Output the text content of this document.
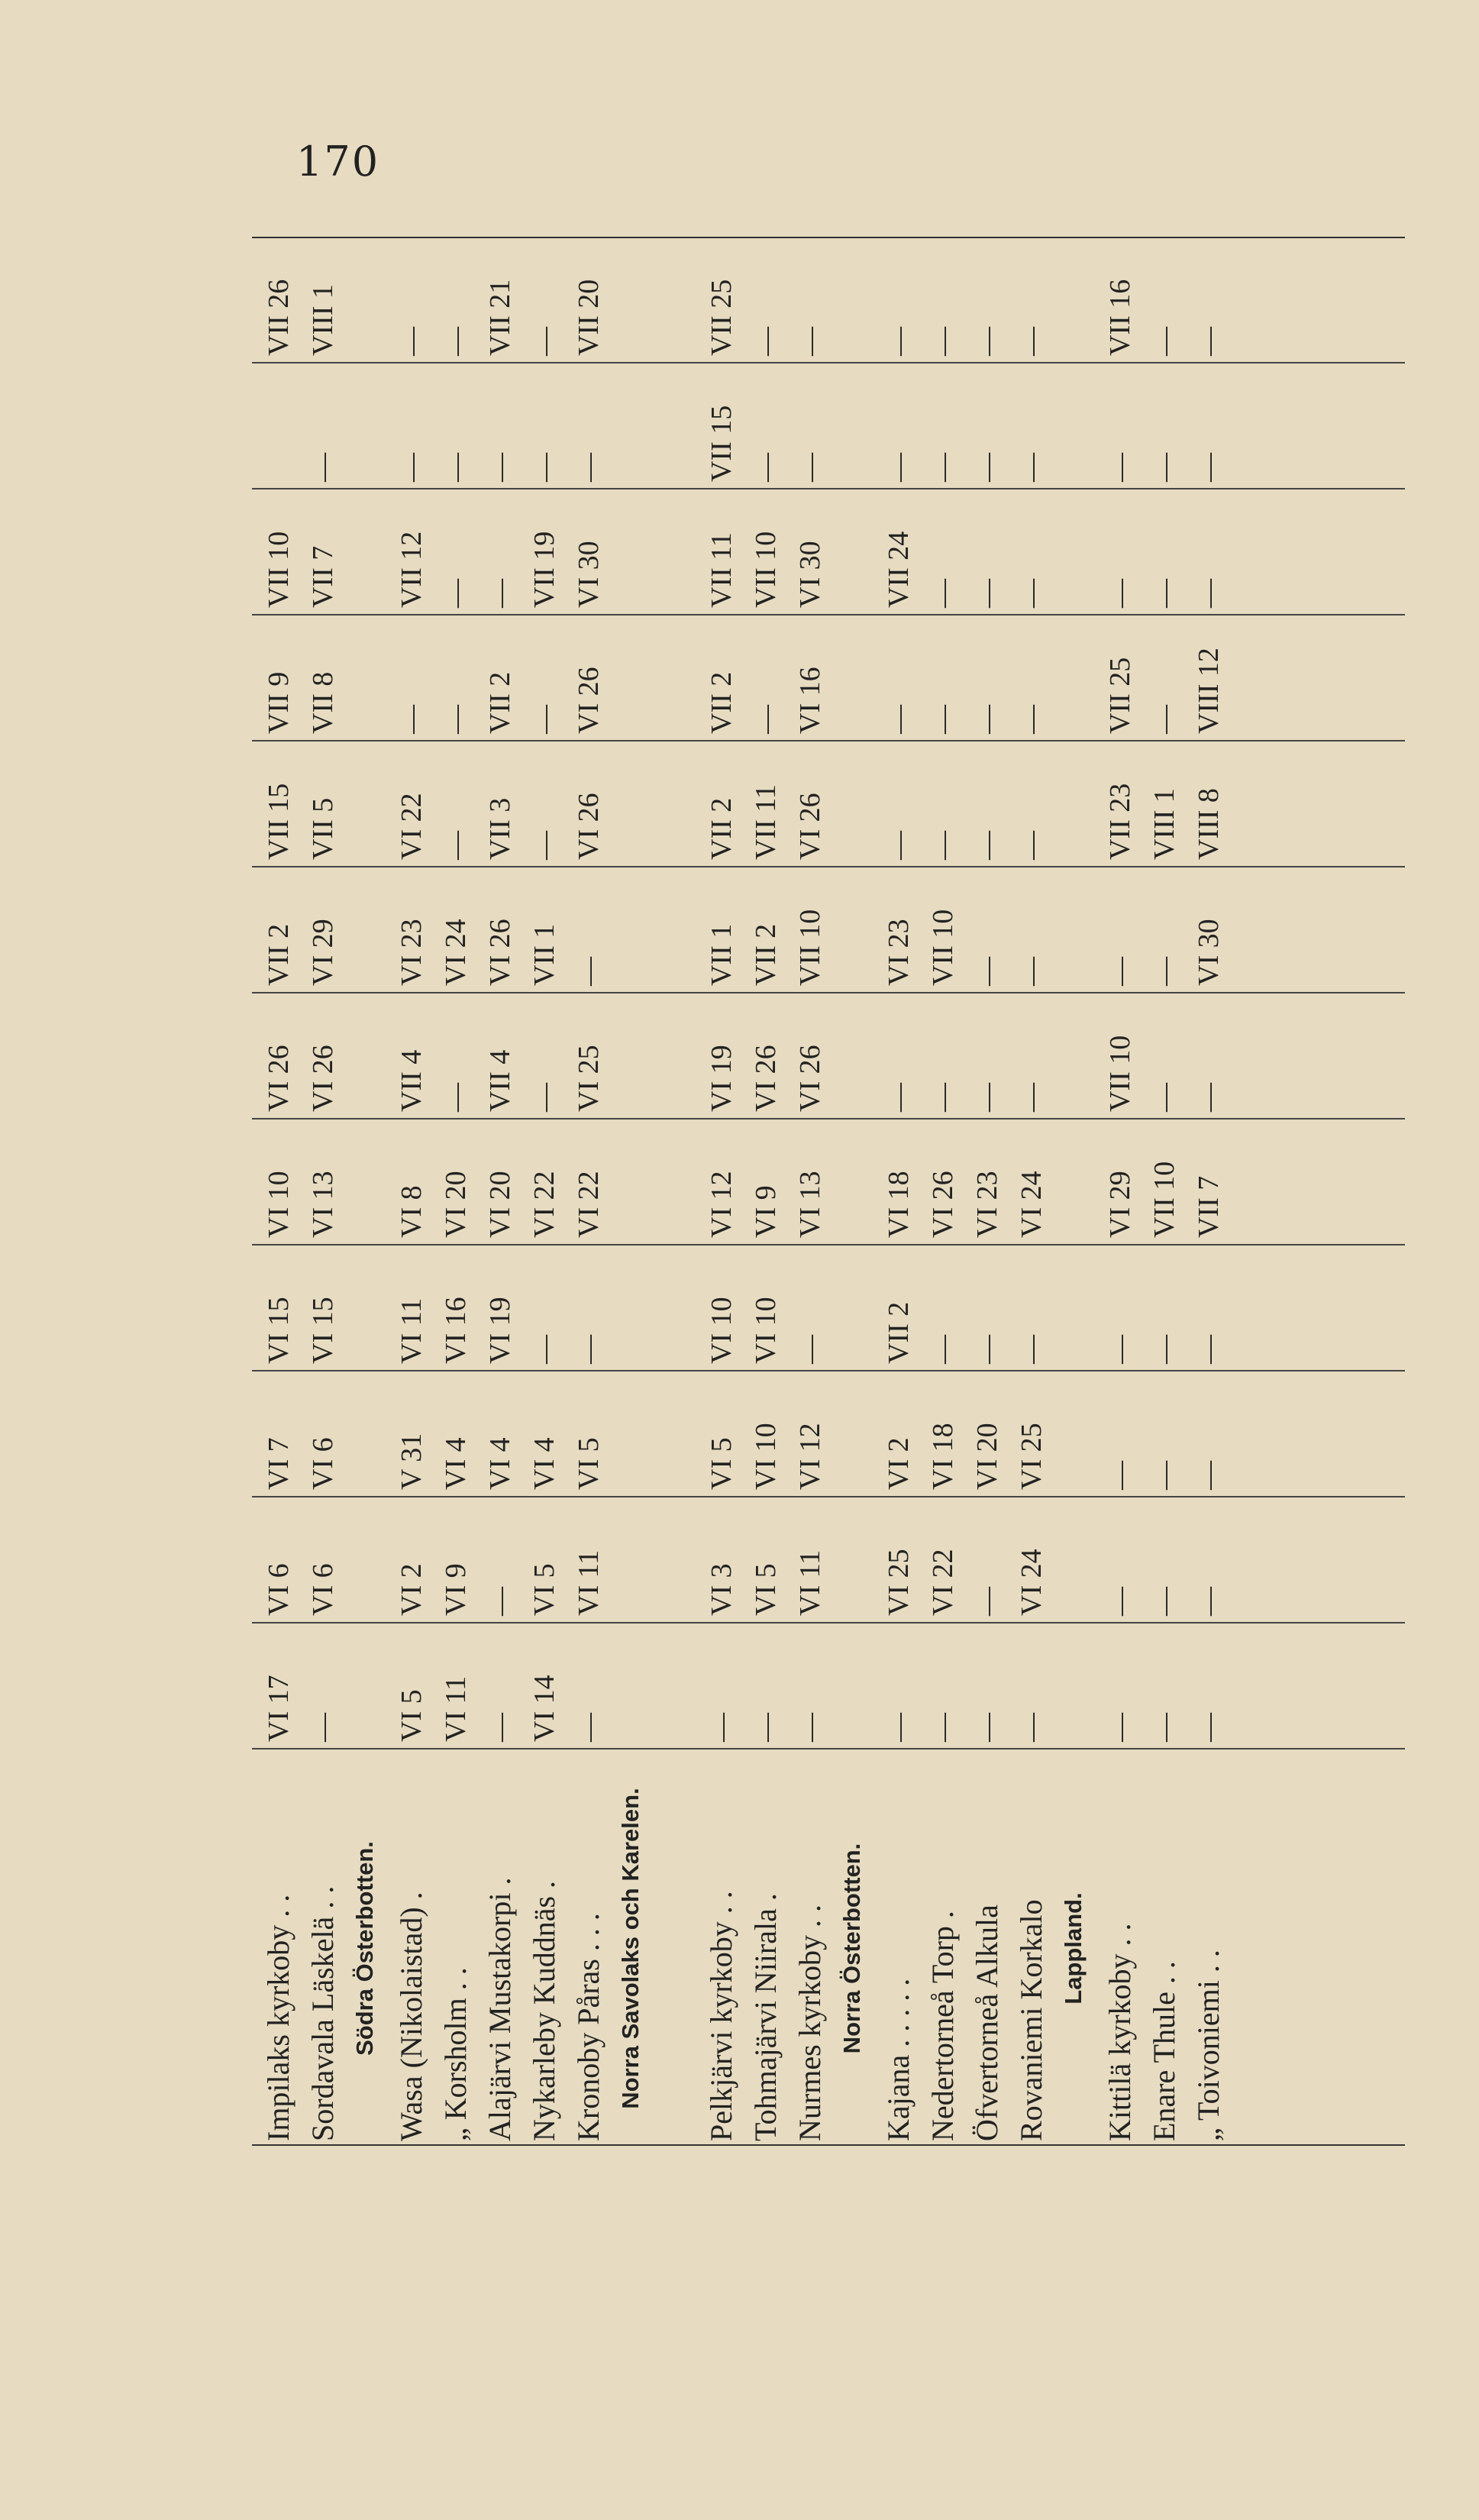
170
Impilaks kyrkoby . .	VI 17	VI 6	VI 7	VI 15	VI 10	VI 26	VII 2	VII 15	VII 9	VII 10		VII 26
Sordavala Läskelä . .	—	VI 6	VI 6	VI 15	VI 13	VI 26	VI 29	VII 5	VII 8	VII 7	—	VIII 1
Södra Österbotten.												
Wasa (Nikolaistad) .	VI 5	VI 2	V 31	VI 11	VI 8	VII 4	VI 23	VI 22	—	VII 12	—	—
„ Korsholm . .	VI 11	VI 9	VI 4	VI 16	VI 20	—	VI 24	—	—	—	—	—
Alajärvi Mustakorpi .	—	—	VI 4	VI 19	VI 20	VII 4	VI 26	VII 3	VII 2	—	—	VII 21
Nykarleby Kuddnäs .	VI 14	VI 5	VI 4	—	VI 22	—	VII 1	—	—	VII 19	—	—
Kronoby Påras . . .	—	VI 11	VI 5	—	VI 22	VI 25	—	VI 26	VI 26	VI 30	—	VII 20
Norra Savolaks och Karelen.												
Pelkjärvi kyrkoby . .	—	VI 3	VI 5	VI 10	VI 12	VI 19	VII 1	VII 2	VII 2	VII 11	VII 15	VII 25
Tohmajärvi Niirala .	—	VI 5	VI 10	VI 10	VI 9	VI 26	VII 2	VII 11	—	VII 10	—	—
Nurmes kyrkoby . .	—	VI 11	VI 12	—	VI 13	VI 26	VII 10	VI 26	VI 16	VI 30	—	—
Norra Österbotten.												
Kajana . . . . .	—	VI 25	VI 2	VII 2	VI 18	—	VI 23	—	—	VII 24	—	—
Nedertorneå Torp .	—	VI 22	VI 18	—	VI 26	—	VII 10	—	—	—	—	—
Öfvertorneå Alkula	—	—	VI 20	—	VI 23	—	—	—	—	—	—	—
Rovaniemi Korkalo	—	VI 24	VI 25	—	VI 24	—	—	—	—	—	—	—
Lappland.												
Kittilä kyrkoby . .	—	—	—	—	VI 29	VII 10	—	VII 23	VII 25	—	—	VII 16
Enare Thule . .	—	—	—	—	VII 10	—	—	VIII 1	—	—	—	—
„ Toivoniemi . .	—	—	—	—	VII 7	—	VI 30	VIII 8	VIII 12	—	—	—
